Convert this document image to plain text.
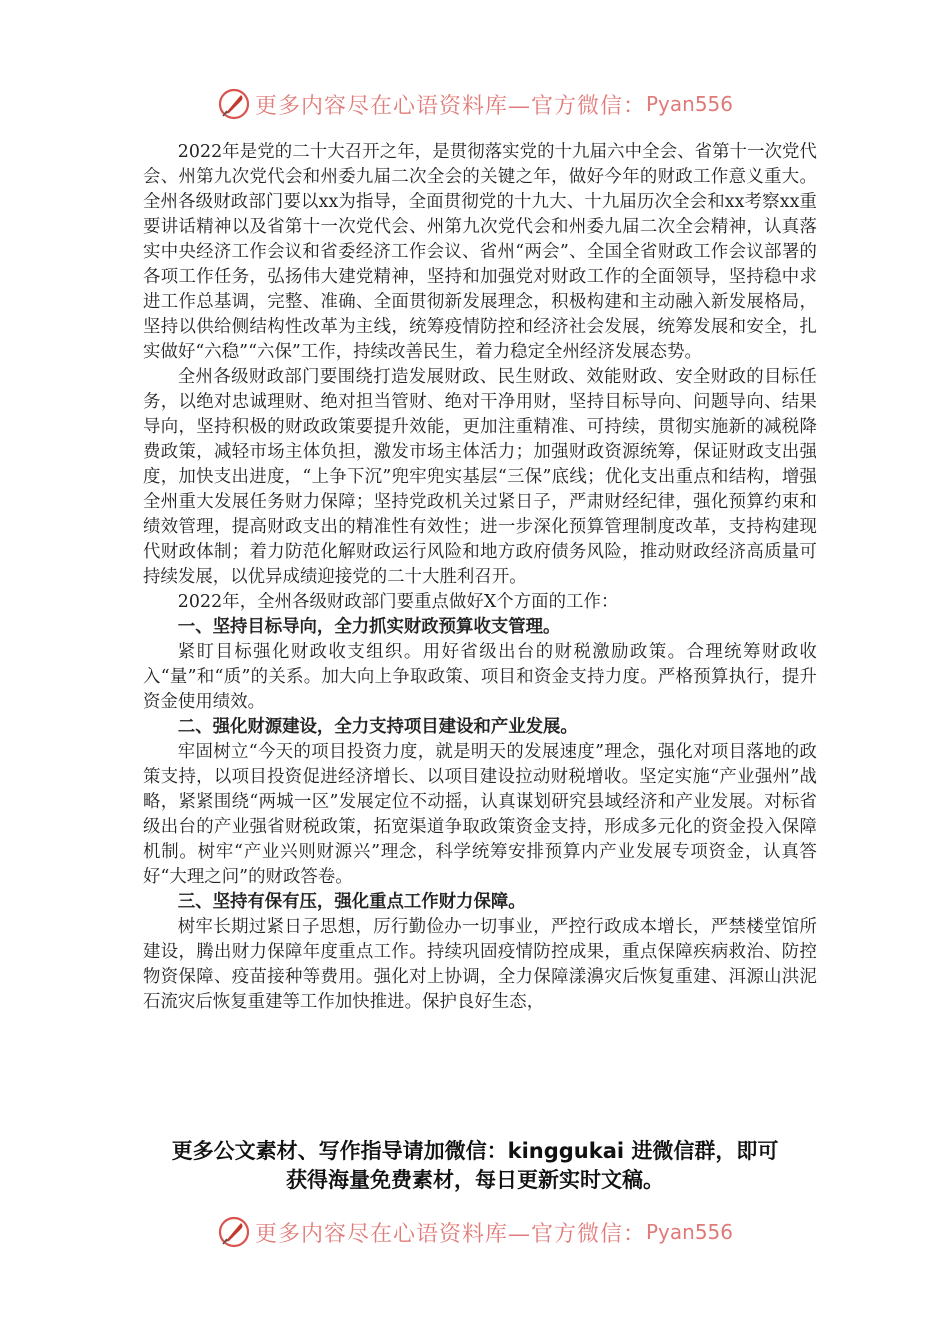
更多内容尽在心语资料库—官方微信： Pyan556

2022年是党的二十大召开之年，是贯彻落实党的十九届六中全会、省第十一次党代会、州第九次党代会和州委九届二次全会的关键之年，做好今年的财政工作意义重大。全州各级财政部门要以xx为指导，全面贯彻党的十九大、十九届历次全会和xx考察xx重要讲话精神以及省第十一次党代会、州第九次党代会和州委九届二次全会精神，认真落实中央经济工作会议和省委经济工作会议、省州“两会”、全国全省财政工作会议部署的各项工作任务，弘扬伟大建党精神，坚持和加强党对财政工作的全面领导，坚持稳中求进工作总基调，完整、准确、全面贯彻新发展理念，积极构建和主动融入新发展格局，坚持以供给侧结构性改革为主线，统筹疫情防控和经济社会发展，统筹发展和安全，扎实做好“六稳”“六保”工作，持续改善民生，着力稳定全州经济发展态势。

全州各级财政部门要围绕打造发展财政、民生财政、效能财政、安全财政的目标任务，以绝对忠诚理财、绝对担当管财、绝对干净用财，坚持目标导向、问题导向、结果导向，坚持积极的财政政策要提升效能，更加注重精准、可持续，贯彻实施新的减税降费政策，减轻市场主体负担，激发市场主体活力；加强财政资源统筹，保证财政支出强度，加快支出进度，“上争下沉”兜牢兜实基层“三保”底线；优化支出重点和结构，增强全州重大发展任务财力保障；坚持党政机关过紧日子，严肃财经纪律，强化预算约束和绩效管理，提高财政支出的精准性有效性；进一步深化预算管理制度改革，支持构建现代财政体制；着力防范化解财政运行风险和地方政府债务风险，推动财政经济高质量可持续发展，以优异成绩迎接党的二十大胜利召开。

2022年，全州各级财政部门要重点做好X个方面的工作：

一、坚持目标导向，全力抓实财政预算收支管理。

紧盯目标强化财政收支组织。用好省级出台的财税激励政策。合理统筹财政收入“量”和“质”的关系。加大向上争取政策、项目和资金支持力度。严格预算执行，提升资金使用绩效。

二、强化财源建设，全力支持项目建设和产业发展。

牢固树立“今天的项目投资力度，就是明天的发展速度”理念，强化对项目落地的政策支持，以项目投资促进经济增长、以项目建设拉动财税增收。坚定实施“产业强州”战略，紧紧围绕“两城一区”发展定位不动摇，认真谋划研究县域经济和产业发展。对标省级出台的产业强省财税政策，拓宽渠道争取政策资金支持，形成多元化的资金投入保障机制。树牢“产业兴则财源兴”理念，科学统筹安排预算内产业发展专项资金，认真答好“大理之问”的财政答卷。

三、坚持有保有压，强化重点工作财力保障。

树牢长期过紧日子思想，厉行勤俭办一切事业，严控行政成本增长，严禁楼堂馆所建设，腾出财力保障年度重点工作。持续巩固疫情防控成果，重点保障疾病救治、防控物资保障、疫苗接种等费用。强化对上协调，全力保障漾濞灾后恢复重建、洱源山洪泥石流灾后恢复重建等工作加快推进。保护良好生态，

更多公文素材、写作指导请加微信：kinggukai 进微信群，即可
获得海量免费素材，每日更新实时文稿。
更多内容尽在心语资料库—官方微信： Pyan556
